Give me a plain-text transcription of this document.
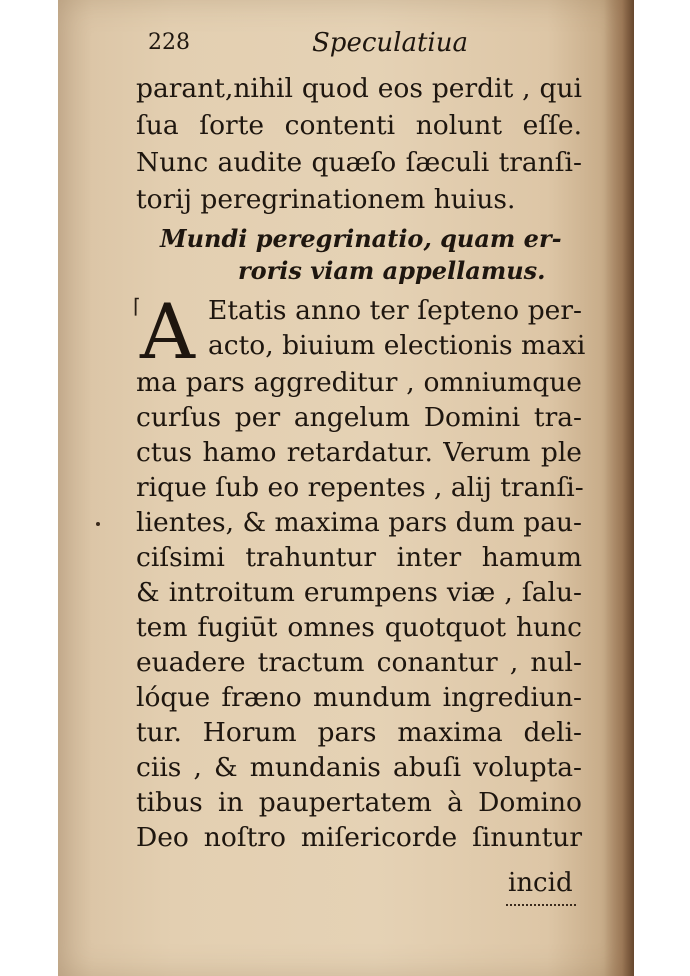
228	Speculatiua
parant,nihil quod eos perdit , qui
ſua ſorte contenti nolunt eſſe.
Nunc audite quæſo ſæculi tranſi-
torij peregrinationem huius.
Mundi peregrinatio, quam er-
roris viam appellamus.
⌈ A Etatis anno ter ſepteno per-
acto, biuium electionis maxi
ma pars aggreditur , omniumque
curſus per angelum Domini tra-
ctus hamo retardatur. Verum ple
rique ſub eo repentes , alij tranſi-
lientes, & maxima pars dum pau-
ciſsimi trahuntur inter hamum
& introitum erumpens viæ , ſalu-
tem fugiūt omnes quotquot hunc
euadere tractum conantur , nul-
lóque fræno mundum ingrediun-
tur. Horum pars maxima deli-
ciis , & mundanis abuſi volupta-
tibus in paupertatem à Domino
Deo noſtro miſericorde ſinuntur
incid
